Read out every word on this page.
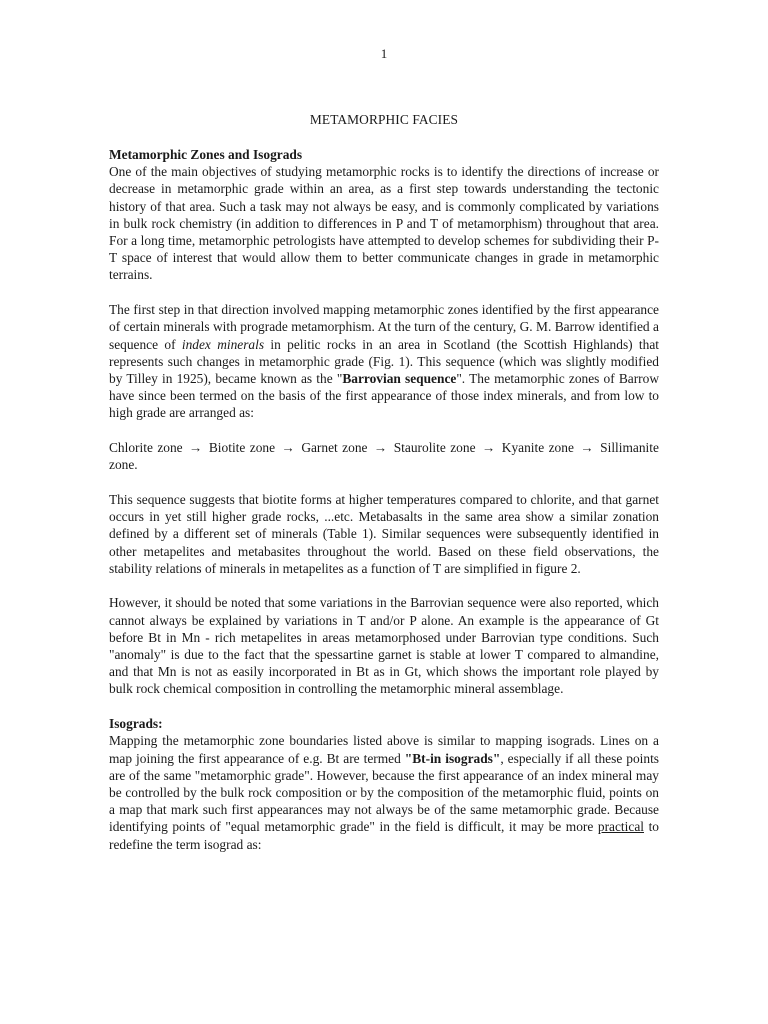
1
METAMORPHIC FACIES
Metamorphic Zones and Isograds

One of the main objectives of studying metamorphic rocks is to identify the directions of increase or decrease in metamorphic grade within an area, as a first step towards understanding the tectonic history of that area. Such a task may not always be easy, and is commonly complicated by variations in bulk rock chemistry (in addition to differences in P and T of metamorphism) throughout that area. For a long time, metamorphic petrologists have attempted to develop schemes for subdividing their P-T space of interest that would allow them to better communicate changes in grade in metamorphic terrains.

The first step in that direction involved mapping metamorphic zones identified by the first appearance of certain minerals with prograde metamorphism. At the turn of the century, G. M. Barrow identified a sequence of index minerals in pelitic rocks in an area in Scotland (the Scottish Highlands) that represents such changes in metamorphic grade (Fig. 1). This sequence (which was slightly modified by Tilley in 1925), became known as the "Barrovian sequence". The metamorphic zones of Barrow have since been termed on the basis of the first appearance of those index minerals, and from low to high grade are arranged as:

Chlorite zone → Biotite zone → Garnet zone → Staurolite zone → Kyanite zone → Sillimanite zone.

This sequence suggests that biotite forms at higher temperatures compared to chlorite, and that garnet occurs in yet still higher grade rocks, ...etc. Metabasalts in the same area show a similar zonation defined by a different set of minerals (Table 1). Similar sequences were subsequently identified in other metapelites and metabasites throughout the world. Based on these field observations, the stability relations of minerals in metapelites as a function of T are simplified in figure 2.

However, it should be noted that some variations in the Barrovian sequence were also reported, which cannot always be explained by variations in T and/or P alone. An example is the appearance of Gt before Bt in Mn - rich metapelites in areas metamorphosed under Barrovian type conditions. Such "anomaly" is due to the fact that the spessartine garnet is stable at lower T compared to almandine, and that Mn is not as easily incorporated in Bt as in Gt, which shows the important role played by bulk rock chemical composition in controlling the metamorphic mineral assemblage.

Isograds:

Mapping the metamorphic zone boundaries listed above is similar to mapping isograds. Lines on a map joining the first appearance of e.g. Bt are termed "Bt-in isograds", especially if all these points are of the same "metamorphic grade". However, because the first appearance of an index mineral may be controlled by the bulk rock composition or by the composition of the metamorphic fluid, points on a map that mark such first appearances may not always be of the same metamorphic grade. Because identifying points of "equal metamorphic grade" in the field is difficult, it may be more practical to redefine the term isograd as:
